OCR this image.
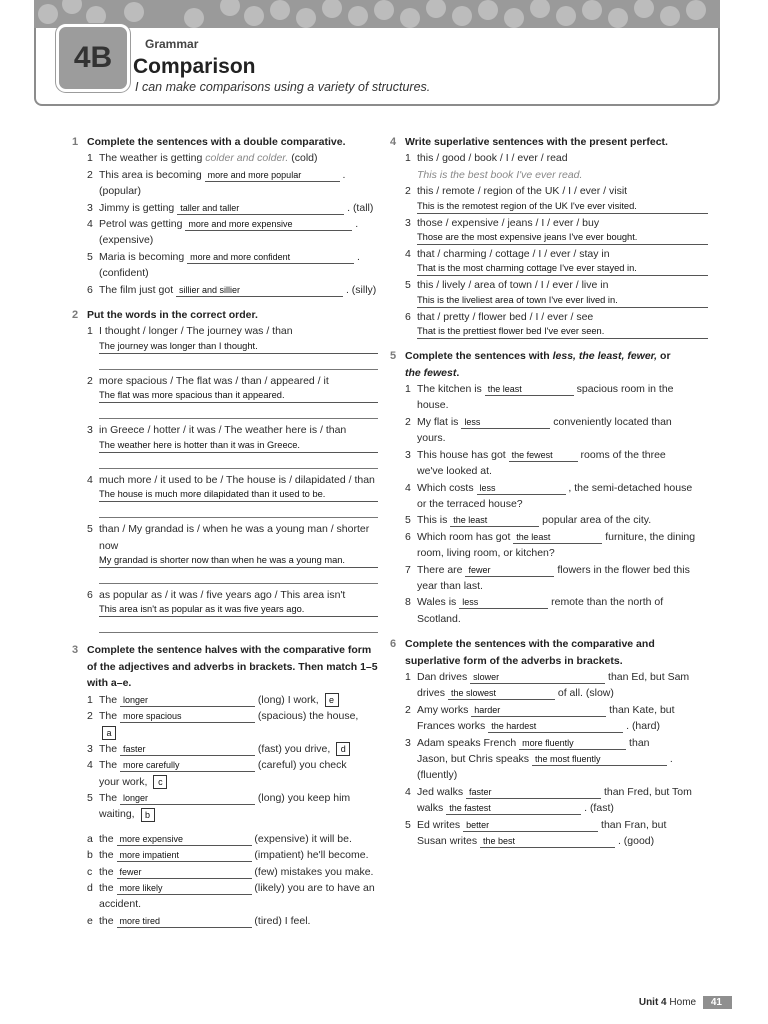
4B	Grammar
Comparison
I can make comparisons using a variety of structures.
1 Complete the sentences with a double comparative.
1 The weather is getting colder and colder. (cold)
2 This area is becoming more and more popular	.
(popular)
3 Jimmy is getting taller and taller	. (tall)
4 Petrol was getting more and more expensive	.
(expensive)
5 Maria is becoming more and more confident	.
(confident)
6 The film just got sillier and sillier	. (silly)
2 Put the words in the correct order.
1 I thought / longer / The journey was / than
The journey was longer than I thought.
2 more spacious / The flat was / than / appeared / it
The flat was more spacious than it appeared.
3 in Greece / hotter / it was / The weather here is / than
The weather here is hotter than it was in Greece.
4 much more / it used to be / The house is / dilapidated / than
The house is much more dilapidated than it used to be.
5 than / My grandad is / when he was a young man / shorter now
My grandad is shorter now than when he was a young man.
6 as popular as / it was / five years ago / This area isn't
This area isn't as popular as it was five years ago.
3 Complete the sentence halves with the comparative form of the adjectives and adverbs in brackets. Then match 1–5 with a–e.
1 The longer	(long) I work, e
2 The more spacious	(spacious) the house, a
3 The faster	(fast) you drive, d
4 The more carefully	(careful) you check
your work, c
5 The longer	(long) you keep him
waiting, b
a the more expensive	(expensive) it will be.
b the more impatient	(impatient) he'll become.
c the fewer	(few) mistakes you make.
d the more likely	(likely) you are to have an
accident.
e the more tired	(tired) I feel.
4 Write superlative sentences with the present perfect.
1 this / good / book / I / ever / read
This is the best book I've ever read.
2 this / remote / region of the UK / I / ever / visit
This is the remotest region of the UK I've ever visited.
3 those / expensive / jeans / I / ever / buy
Those are the most expensive jeans I've ever bought.
4 that / charming / cottage / I / ever / stay in
That is the most charming cottage I've ever stayed in.
5 this / lively / area of town / I / ever / live in
This is the liveliest area of town I've ever lived in.
6 that / pretty / flower bed / I / ever / see
That is the prettiest flower bed I've ever seen.
5 Complete the sentences with less, the least, fewer, or
the fewest.
1 The kitchen is the least	spacious room in the
house.
2 My flat is less	conveniently located than
yours.
3 This house has got the fewest rooms of the three
we've looked at.
4 Which costs less	, the semi-detached house
or the terraced house?
5 This is the least	popular area of the city.
6 Which room has got the least	furniture, the dining
room, living room, or kitchen?
7 There are fewer	flowers in the flower bed this
year than last.
8 Wales is less	remote than the north of
Scotland.
6 Complete the sentences with the comparative and superlative form of the adverbs in brackets.
1 Dan drives slower	than Ed, but Sam
drives the slowest	of all. (slow)
2 Amy works harder	than Kate, but
Frances works the hardest	. (hard)
3 Adam speaks French more fluently	than
Jason, but Chris speaks the most fluently	.
(fluently)
4 Jed walks faster	than Fred, but Tom
walks the fastest	. (fast)
5 Ed writes better	than Fran, but
Susan writes the best	. (good)
Unit 4 Home 41
